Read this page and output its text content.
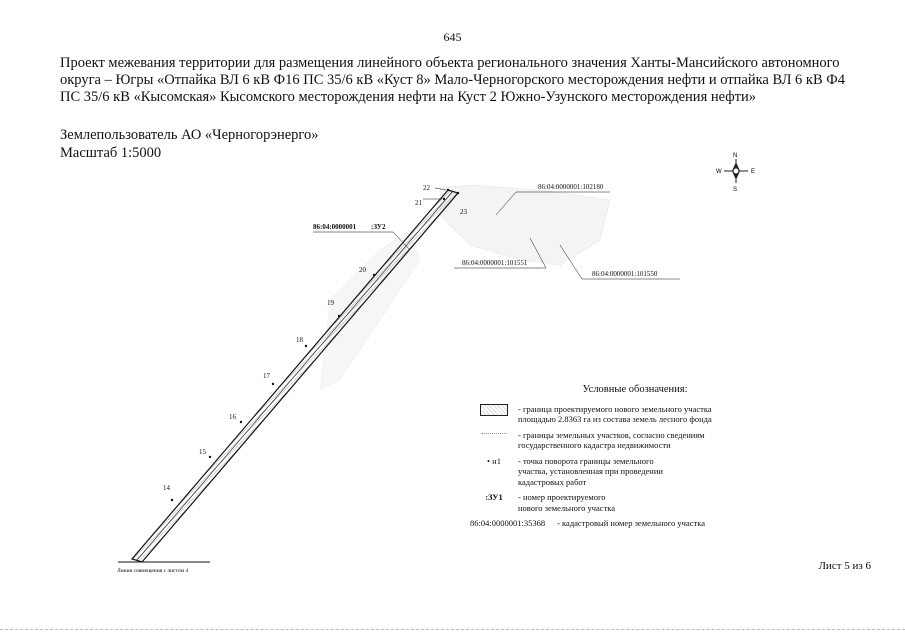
645
Проект межевания территории для размещения линейного объекта регионального значения Ханты-Мансийского автономного округа – Югры «Отпайка ВЛ 6 кВ Ф16 ПС 35/6 кВ «Куст 8» Мало-Черногорского месторождения нефти и отпайка ВЛ 6 кВ Ф4 ПС 35/6 кВ «Кысомская» Кысомского месторождения нефти на Куст 2 Южно-Узунского месторождения нефти»
Землепользователь АО «Черногорэнерго»
Масштаб 1:5000	N
S
W	E
Линия совмещения с листом 4
14
15
16
17
18
19
20
21
22
23
86:04:0000001 :ЗУ2
86:04:0000001:102180
86:04:0000001:101551
86:04:0000001:101550
Условные обозначения:
- граница проектируемого нового земельного участка
площадью 2.8363 га из состава земель лесного фонда
- границы земельных участков, согласно сведениям
государственного кадастра недвижимости
• н1 - точка поворота границы земельного
участка, установленная при проведении
кадастровых работ
:ЗУ1 - номер проектируемого
нового земельного участка
86:04:0000001:35368 - кадастровый номер земельного участка
Лист 5 из 6
